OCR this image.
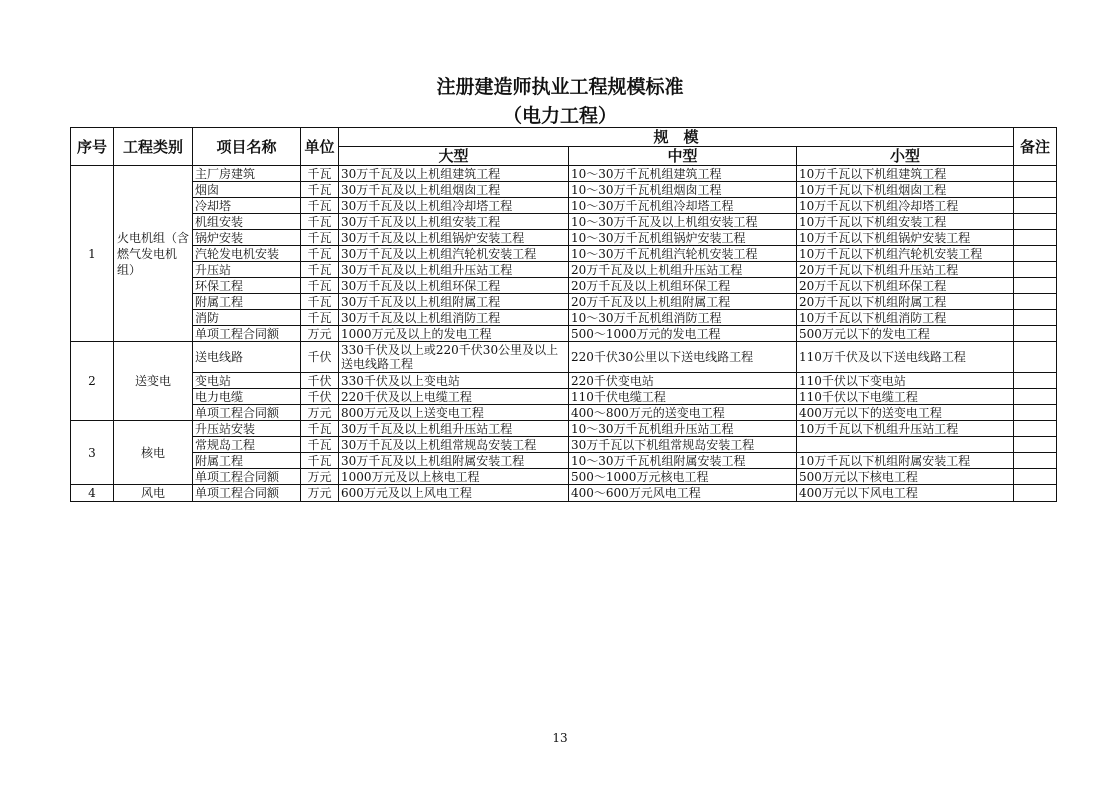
注册建造师执业工程规模标准
（电力工程）
序号	工程类别	项目名称	单位	规　模			备注
				大型	中型	小型	
1	火电机组（含燃气发电机组）	主厂房建筑	千瓦	30万千瓦及以上机组建筑工程	10～30万千瓦机组建筑工程	10万千瓦以下机组建筑工程	
		烟囱	千瓦	30万千瓦及以上机组烟囱工程	10～30万千瓦机组烟囱工程	10万千瓦以下机组烟囱工程	
		冷却塔	千瓦	30万千瓦及以上机组冷却塔工程	10～30万千瓦机组冷却塔工程	10万千瓦以下机组冷却塔工程	
		机组安装	千瓦	30万千瓦及以上机组安装工程	10～30万千瓦及以上机组安装工程	10万千瓦以下机组安装工程	
		锅炉安装	千瓦	30万千瓦及以上机组锅炉安装工程	10～30万千瓦机组锅炉安装工程	10万千瓦以下机组锅炉安装工程	
		汽轮发电机安装	千瓦	30万千瓦及以上机组汽轮机安装工程	10～30万千瓦机组汽轮机安装工程	10万千瓦以下机组汽轮机安装工程	
		升压站	千瓦	30万千瓦及以上机组升压站工程	20万千瓦及以上机组升压站工程	20万千瓦以下机组升压站工程	
		环保工程	千瓦	30万千瓦及以上机组环保工程	20万千瓦及以上机组环保工程	20万千瓦以下机组环保工程	
		附属工程	千瓦	30万千瓦及以上机组附属工程	20万千瓦及以上机组附属工程	20万千瓦以下机组附属工程	
		消防	千瓦	30万千瓦及以上机组消防工程	10～30万千瓦机组消防工程	10万千瓦以下机组消防工程	
		单项工程合同额	万元	1000万元及以上的发电工程	500～1000万元的发电工程	500万元以下的发电工程	
2	送变电	送电线路	千伏	330千伏及以上或220千伏30公里及以上送电线路工程	220千伏30公里以下送电线路工程	110万千伏及以下送电线路工程	
		变电站	千伏	330千伏及以上变电站	220千伏变电站	110千伏以下变电站	
		电力电缆	千伏	220千伏及以上电缆工程	110千伏电缆工程	110千伏以下电缆工程	
		单项工程合同额	万元	800万元及以上送变电工程	400～800万元的送变电工程	400万元以下的送变电工程	
3	核电	升压站安装	千瓦	30万千瓦及以上机组升压站工程	10～30万千瓦机组升压站工程	10万千瓦以下机组升压站工程	
		常规岛工程	千瓦	30万千瓦及以上机组常规岛安装工程	30万千瓦以下机组常规岛安装工程		
		附属工程	千瓦	30万千瓦及以上机组附属安装工程	10～30万千瓦机组附属安装工程	10万千瓦以下机组附属安装工程	
		单项工程合同额	万元	1000万元及以上核电工程	500～1000万元核电工程	500万元以下核电工程	
4	风电	单项工程合同额	万元	600万元及以上风电工程	400～600万元风电工程	400万元以下风电工程	
13
